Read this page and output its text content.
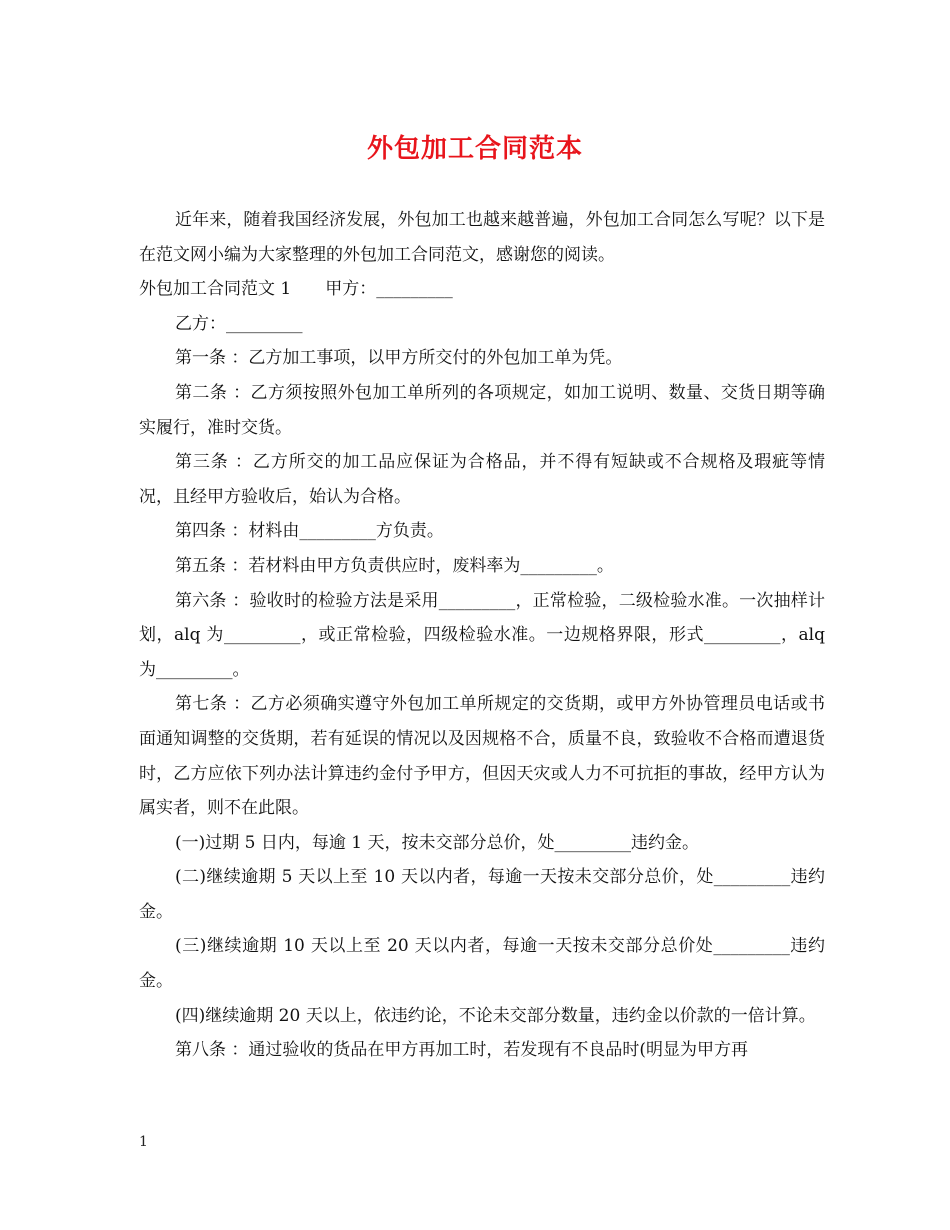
外包加工合同范本

近年来，随着我国经济发展，外包加工也越来越普遍，外包加工合同怎么写呢？以下是在范文网小编为大家整理的外包加工合同范文，感谢您的阅读。

外包加工合同范文 1 甲方：_________

乙方：_________

第一条 ：乙方加工事项，以甲方所交付的外包加工单为凭。

第二条 ：乙方须按照外包加工单所列的各项规定，如加工说明、数量、交货日期等确实履行，准时交货。

第三条 ：乙方所交的加工品应保证为合格品，并不得有短缺或不合规格及瑕疵等情况，且经甲方验收后，始认为合格。

第四条 ：材料由_________方负责。

第五条 ：若材料由甲方负责供应时，废料率为_________。

第六条 ：验收时的检验方法是采用_________，正常检验，二级检验水准。一次抽样计划，alq 为_________，或正常检验，四级检验水准。一边规格界限，形式_________，alq 为_________。

第七条 ：乙方必须确实遵守外包加工单所规定的交货期，或甲方外协管理员电话或书面通知调整的交货期，若有延误的情况以及因规格不合，质量不良，致验收不合格而遭退货时，乙方应依下列办法计算违约金付予甲方，但因天灾或人力不可抗拒的事故，经甲方认为属实者，则不在此限。

(一)过期 5 日内，每逾 1 天，按未交部分总价，处_________违约金。

(二)继续逾期 5 天以上至 10 天以内者，每逾一天按未交部分总价，处_________违约金。

(三)继续逾期 10 天以上至 20 天以内者，每逾一天按未交部分总价处_________违约金。

(四)继续逾期 20 天以上，依违约论，不论未交部分数量，违约金以价款的一倍计算。

第八条 ：通过验收的货品在甲方再加工时，若发现有不良品时(明显为甲方再

1
